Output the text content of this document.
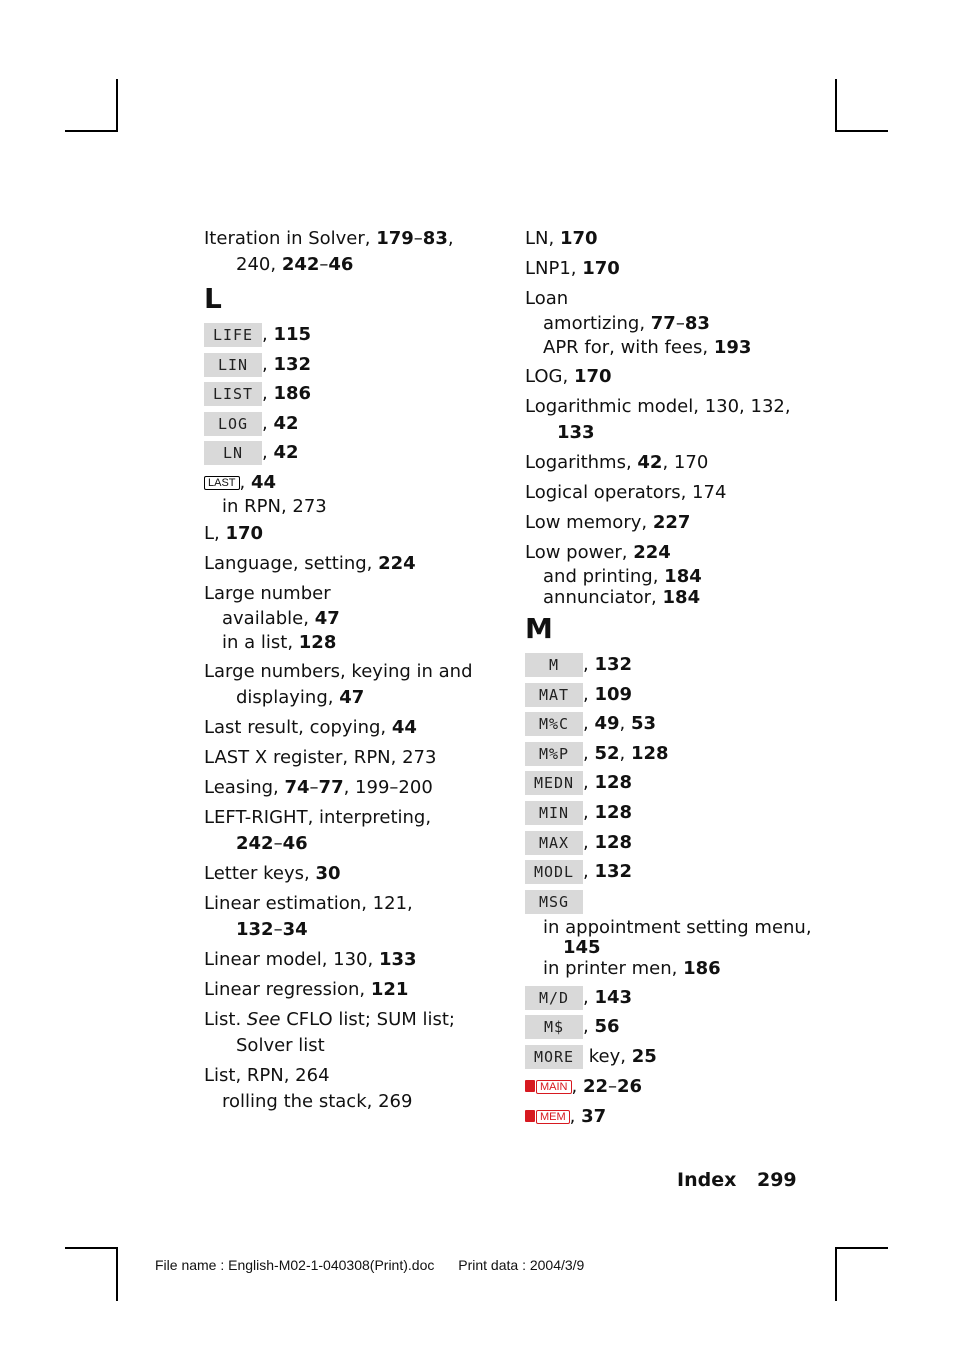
Iteration in Solver, 179–83,
240, 242–46
L
LIFE , 115
LIN , 132
LIST , 186
LOG , 42
LN , 42
LAST , 44
in RPN, 273
L, 170
Language, setting, 224
Large number
available, 47
in a list, 128
Large numbers, keying in and
displaying, 47
Last result, copying, 44
LAST X register, RPN, 273
Leasing, 74–77, 199–200
LEFT-RIGHT, interpreting,
242–46
Letter keys, 30
Linear estimation, 121,
132–34
Linear model, 130, 133
Linear regression, 121
List. See CFLO list; SUM list;
Solver list
List, RPN, 264
rolling the stack, 269
LN, 170
LNP1, 170
Loan
amortizing, 77–83
APR for, with fees, 193
LOG, 170
Logarithmic model, 130, 132,
133
Logarithms, 42, 170
Logical operators, 174
Low memory, 227
Low power, 224
and printing, 184
annunciator, 184
M
M , 132
MAT , 109
M%C , 49, 53
M%P , 52, 128
MEDN , 128
MIN , 128
MAX , 128
MODL , 132
MSG
in appointment setting menu,
145
in printer men, 186
M/D , 143
M$ , 56
MORE key, 25
MAIN , 22–26
MEM , 37
Index 299
File name : English-M02-1-040308(Print).doc Print data : 2004/3/9
